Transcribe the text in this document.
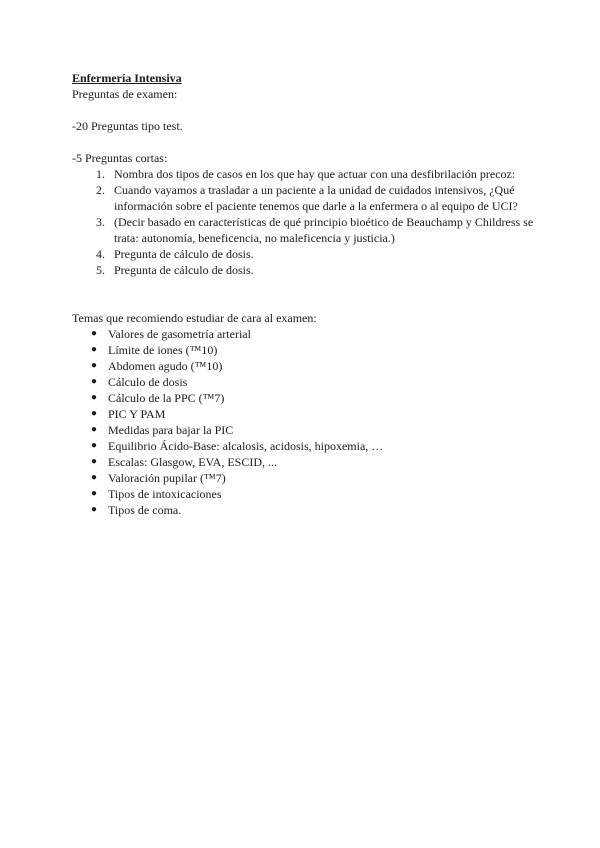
Enfermería Intensiva

Preguntas de examen:

-20 Preguntas tipo test.

-5 Preguntas cortas:

1. Nombra dos tipos de casos en los que hay que actuar con una desfibrilación precoz:
2. Cuando vayamos a trasladar a un paciente a la unidad de cuidados intensivos, ¿Qué información sobre el paciente tenemos que darle a la enfermera o al equipo de UCI?
3. (Decir basado en características de qué principio bioético de Beauchamp y Childress se trata: autonomía, beneficencia, no maleficencia y justicia.)
4. Pregunta de cálculo de dosis.
5. Pregunta de cálculo de dosis.

Temas que recomiendo estudiar de cara al examen:

● Valores de gasometría arterial
● Límite de iones (™10)
● Abdomen agudo (™10)
● Cálculo de dosis
● Cálculo de la PPC (™7)
● PIC Y PAM
● Medidas para bajar la PIC
● Equilibrio Ácido-Base: alcalosis, acidosis, hipoxemia, …
● Escalas: Glasgow, EVA, ESCID, ...
● Valoración pupilar (™7)
● Tipos de intoxicaciones
● Tipos de coma.
